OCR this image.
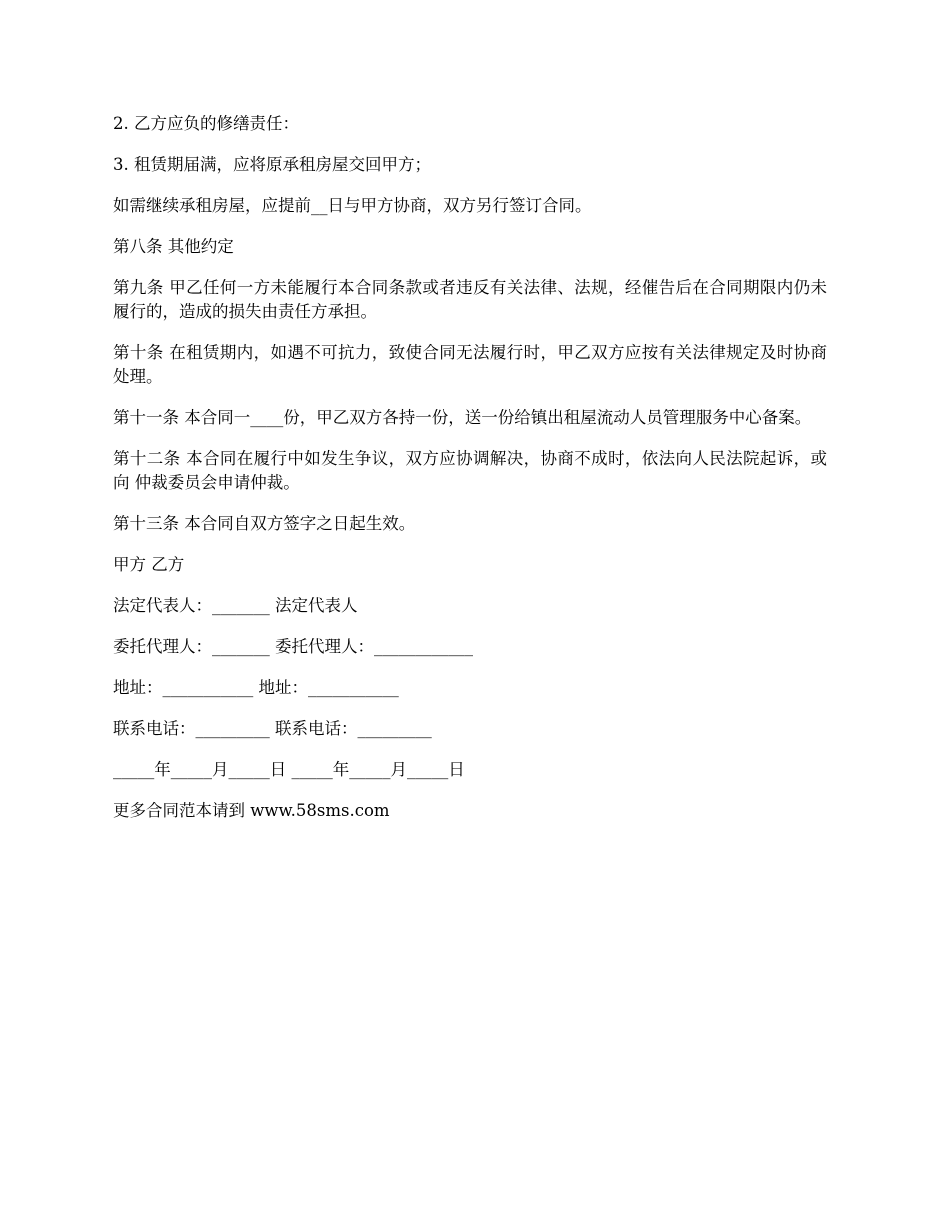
2. 乙方应负的修缮责任：

3. 租赁期届满，应将原承租房屋交回甲方；

如需继续承租房屋，应提前__日与甲方协商，双方另行签订合同。

第八条 其他约定

第九条 甲乙任何一方未能履行本合同条款或者违反有关法律、法规，经催告后在合同期限内仍未履行的，造成的损失由责任方承担。

第十条 在租赁期内，如遇不可抗力，致使合同无法履行时，甲乙双方应按有关法律规定及时协商处理。

第十一条 本合同一____份，甲乙双方各持一份，送一份给镇出租屋流动人员管理服务中心备案。

第十二条 本合同在履行中如发生争议，双方应协调解决，协商不成时，依法向人民法院起诉，或向 仲裁委员会申请仲裁。

第十三条 本合同自双方签字之日起生效。

甲方 乙方

法定代表人：_______ 法定代表人

委托代理人：_______ 委托代理人：____________

地址：___________ 地址：___________

联系电话：_________ 联系电话：_________

_____年_____月_____日 _____年_____月_____日

更多合同范本请到 www.58sms.com
